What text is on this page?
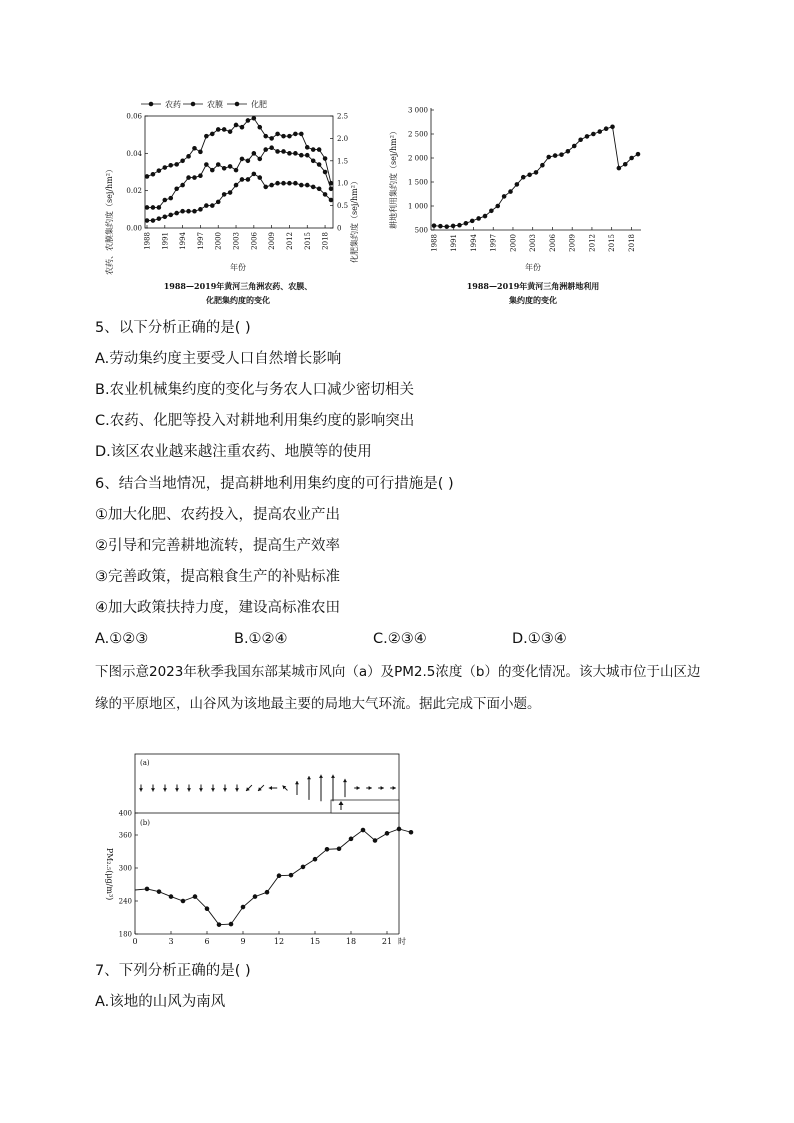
农药	农膜	化肥
农药、农膜集约度（sej/hm²）	化肥集约度（sej/hm²）
年份
1988—2019年黄河三角洲农药、农膜、
化肥集约度的变化
0.00
0.02
0.04
0.06
0
0.5
1.0
1.5
2.0
2.5
1988 1991 1994 1997 2000 2003 2006 2009 2012 2015 2018
耕地利用集约度（sej/hm²）
年份
1988—2019年黄河三角洲耕地利用
集约度的变化
500
1 000
1 500
2 000
2 500
3 000
1988 1991 1994 1997 2000 2003 2006 2009 2012 2015 2018
5、以下分析正确的是( )
A.劳动集约度主要受人口自然增长影响
B.农业机械集约度的变化与务农人口减少密切相关
C.农药、化肥等投入对耕地利用集约度的影响突出
D.该区农业越来越注重农药、地膜等的使用
6、结合当地情况，提高耕地利用集约度的可行措施是( )
①加大化肥、农药投入，提高农业产出
②引导和完善耕地流转，提高生产效率
③完善政策，提高粮食生产的补贴标准
④加大政策扶持力度，建设高标准农田
A.①②③	B.①②④	C.②③④	D.①③④
下图示意2023年秋季我国东部某城市风向（a）及PM2.5浓度（b）的变化情况。该大城市位于山区边缘的平原地区，山谷风为该地最主要的局地大气环流。据此完成下面小题。
(a)
(b)
PM₂.₅(μg/m³)
时
180
240
300
360
400
0	3	6	9	12	15	18	21
7、下列分析正确的是( )
A.该地的山风为南风
